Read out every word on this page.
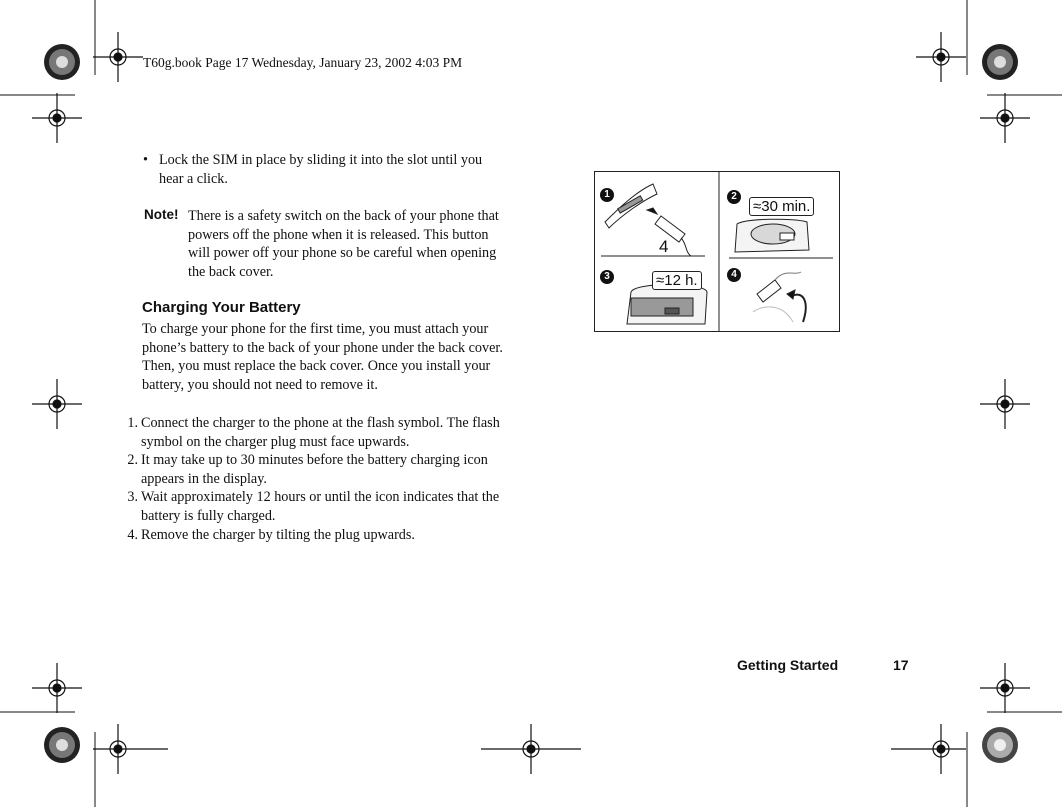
T60g.book Page 17 Wednesday, January 23, 2002 4:03 PM
• Lock the SIM in place by sliding it into the slot until you hear a click.
Note! There is a safety switch on the back of your phone that powers off the phone when it is released. This button will power off your phone so be careful when opening the back cover.
Charging Your Battery
To charge your phone for the first time, you must attach your phone’s battery to the back of your phone under the back cover. Then, you must replace the back cover. Once you install your battery, you should not need to remove it.
1. Connect the charger to the phone at the flash symbol. The flash symbol on the charger plug must face upwards.
2. It may take up to 30 minutes before the battery charging icon appears in the display.
3. Wait approximately 12 hours or until the icon indicates that the battery is fully charged.
4. Remove the charger by tilting the plug upwards.
1	2
3	4
4
≈30 min.
≈12 h.
Getting Started	17
